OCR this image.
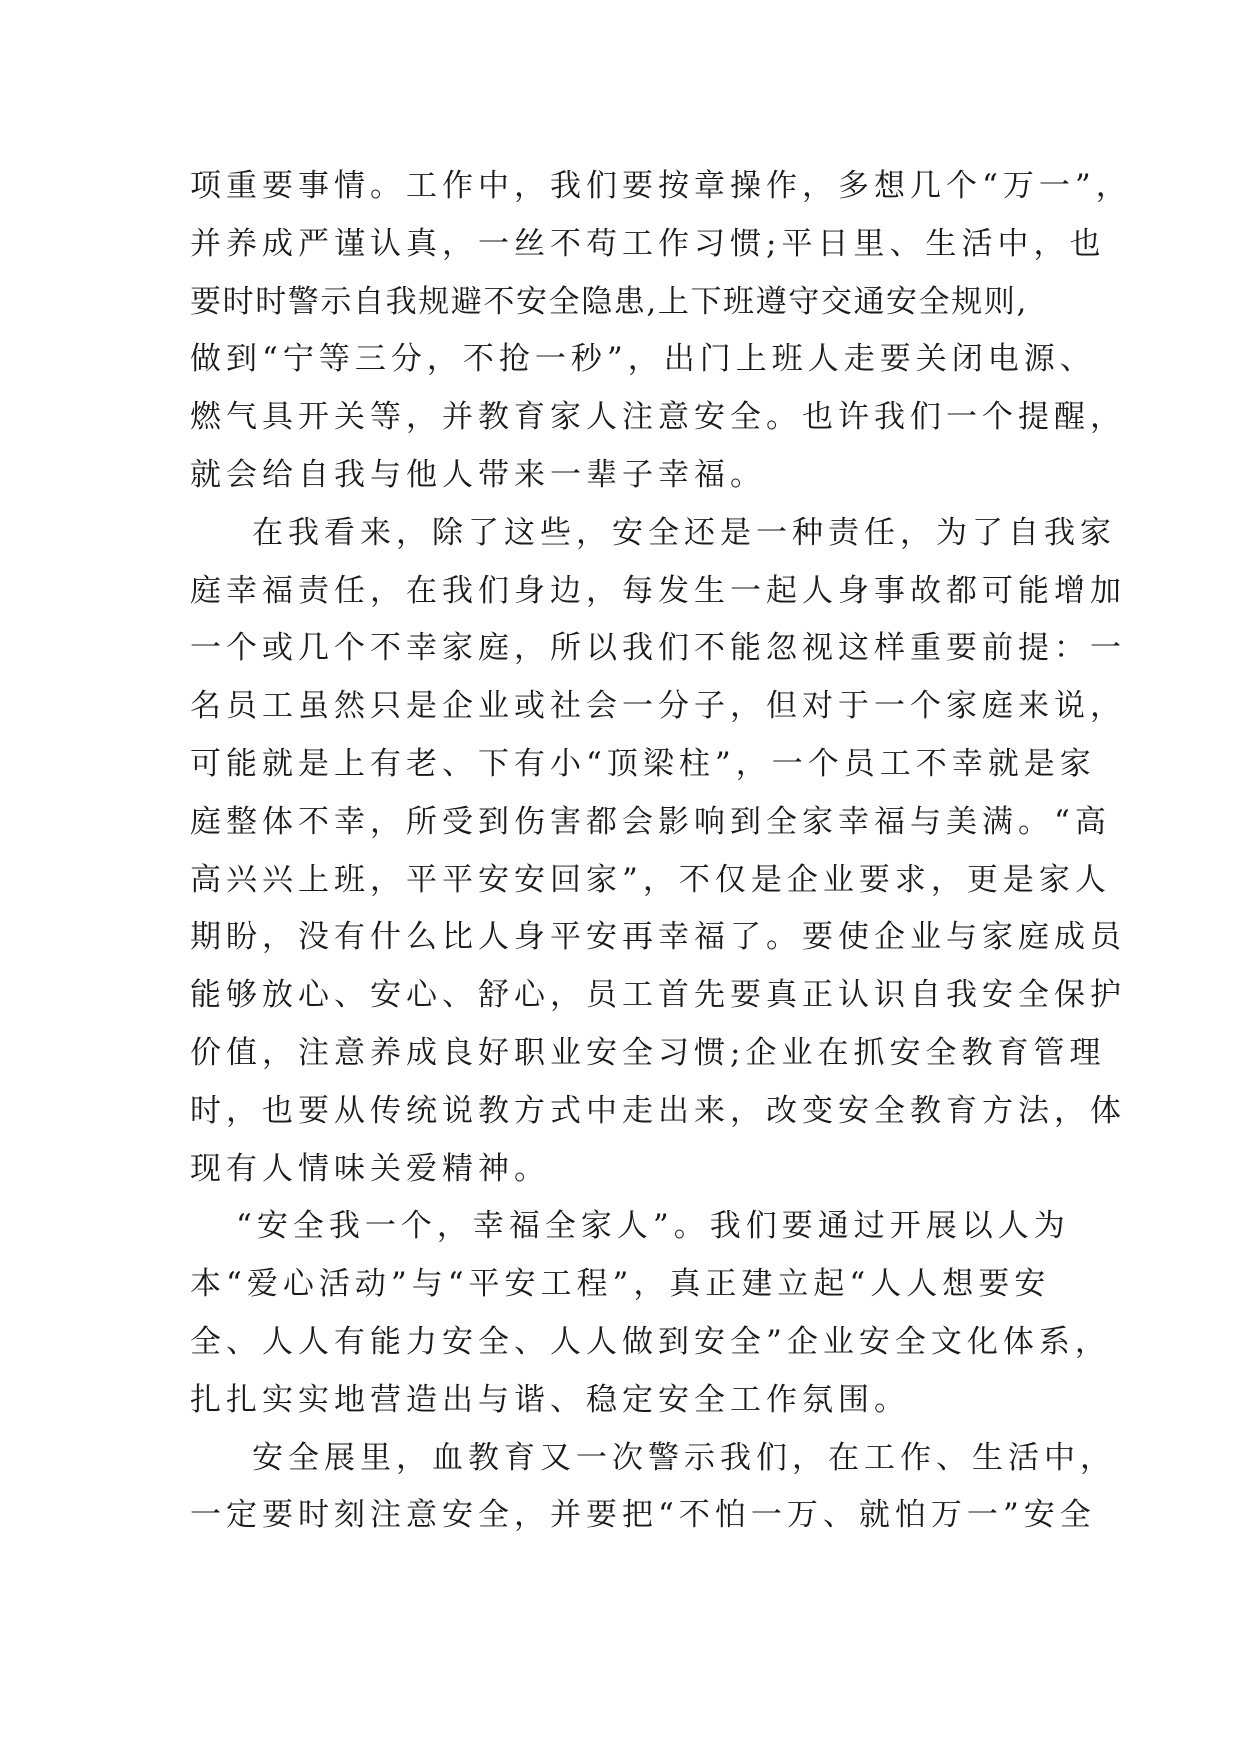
项重要事情。工作中，我们要按章操作，多想几个“万一”，
并养成严谨认真，一丝不苟工作习惯;平日里、生活中，也
要时时警示自我规避不安全隐患,上下班遵守交通安全规则,
做到“宁等三分，不抢一秒”，出门上班人走要关闭电源、
燃气具开关等，并教育家人注意安全。也许我们一个提醒，
就会给自我与他人带来一辈子幸福。
在我看来，除了这些，安全还是一种责任，为了自我家
庭幸福责任，在我们身边，每发生一起人身事故都可能增加
一个或几个不幸家庭，所以我们不能忽视这样重要前提：一
名员工虽然只是企业或社会一分子，但对于一个家庭来说，
可能就是上有老、下有小“顶梁柱”，一个员工不幸就是家
庭整体不幸，所受到伤害都会影响到全家幸福与美满。“高
高兴兴上班，平平安安回家”，不仅是企业要求，更是家人
期盼，没有什么比人身平安再幸福了。要使企业与家庭成员
能够放心、安心、舒心，员工首先要真正认识自我安全保护
价值，注意养成良好职业安全习惯;企业在抓安全教育管理
时，也要从传统说教方式中走出来，改变安全教育方法，体
现有人情味关爱精神。
“安全我一个，幸福全家人”。我们要通过开展以人为
本“爱心活动”与“平安工程”，真正建立起“人人想要安
全、人人有能力安全、人人做到安全”企业安全文化体系，
扎扎实实地营造出与谐、稳定安全工作氛围。
安全展里，血教育又一次警示我们，在工作、生活中，
一定要时刻注意安全，并要把“不怕一万、就怕万一”安全
